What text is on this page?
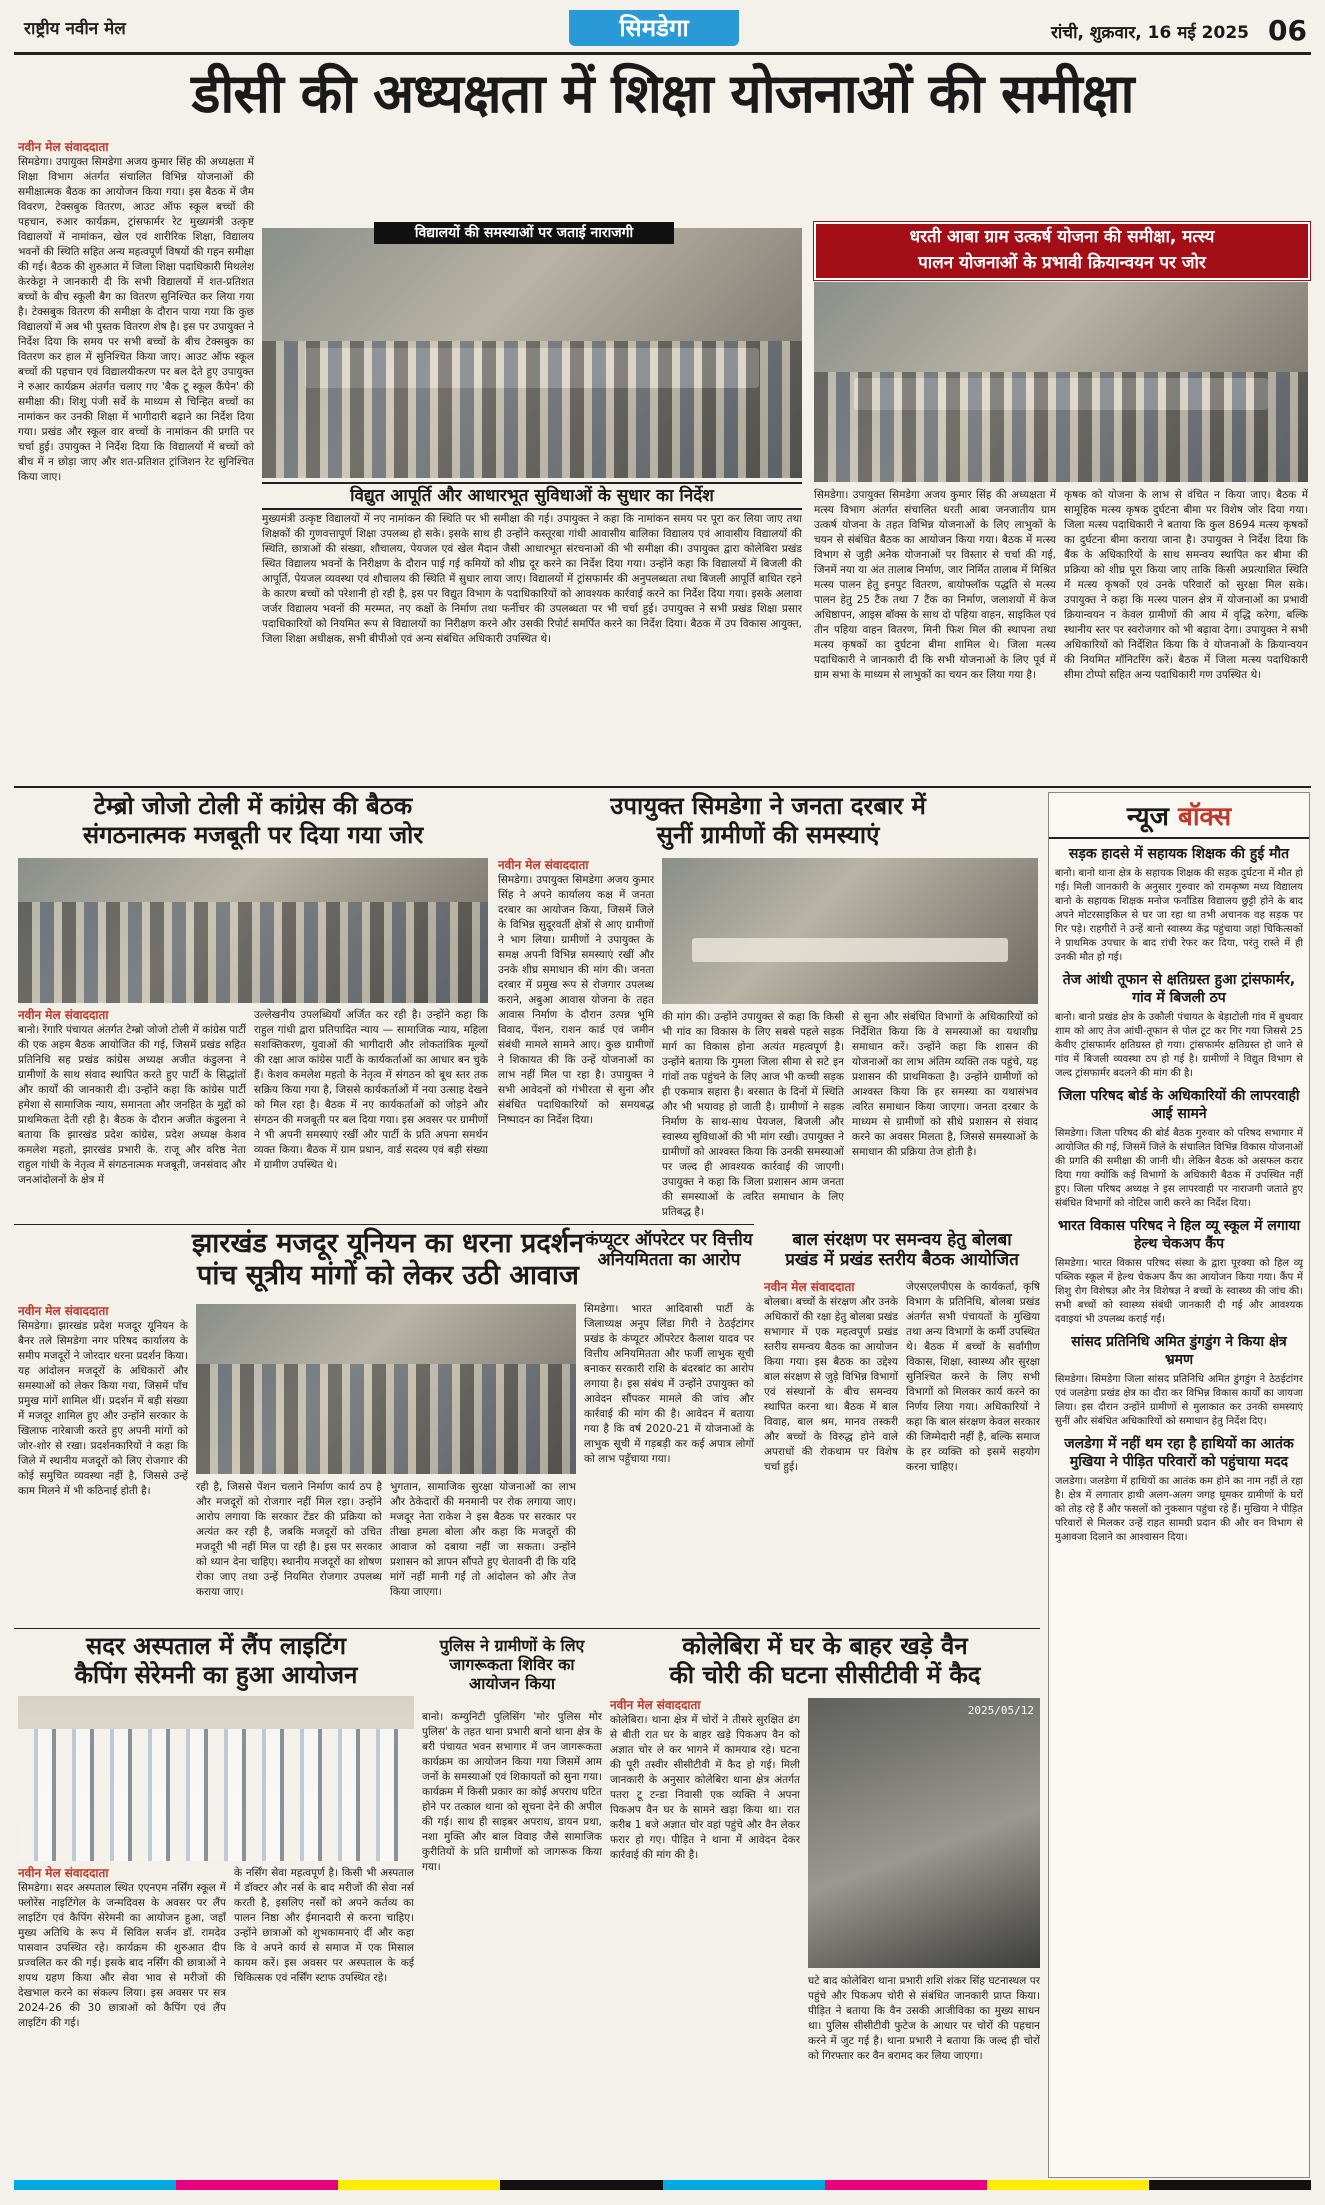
राष्ट्रीय नवीन मेल	सिमडेगा	रांची, शुक्रवार, 16 मई 2025 06
डीसी की अध्यक्षता में शिक्षा योजनाओं की समीक्षा
नवीन मेल संवाददाता
सिमडेगा। उपायुक्त सिमडेगा अजय कुमार सिंह की अध्यक्षता में शिक्षा विभाग अंतर्गत संचालित विभिन्न योजनाओं की समीक्षात्मक बैठक का आयोजन किया गया। इस बैठक में जैम विवरण, टेक्सबुक वितरण, आउट ऑफ स्कूल बच्चों की पहचान, रुआर कार्यक्रम, ट्रांसफार्मर रेट मुख्यमंत्री उत्कृष्ट विद्यालयों में नामांकन, खेल एवं शारीरिक शिक्षा, विद्यालय भवनों की स्थिति सहित अन्य महत्वपूर्ण विषयों की गहन समीक्षा की गई। बैठक की शुरुआत में जिला शिक्षा पदाधिकारी मिथलेश केरकेट्टा ने जानकारी दी कि सभी विद्यालयों में शत-प्रतिशत बच्चों के बीच स्कूली बैग का वितरण सुनिश्चित कर लिया गया है। टेक्सबुक वितरण की समीक्षा के दौरान पाया गया कि कुछ विद्यालयों में अब भी पुस्तक वितरण शेष है। इस पर उपायुक्त ने निर्देश दिया कि समय पर सभी बच्चों के बीच टेक्सबुक का वितरण कर हाल में सुनिश्चित किया जाए। आउट ऑफ स्कूल बच्चों की पहचान एवं विद्यालयीकरण पर बल देते हुए उपायुक्त ने रुआर कार्यक्रम अंतर्गत चलाए गए 'बैक टू स्कूल कैंपेन' की समीक्षा की। शिशु पंजी सर्वे के माध्यम से चिन्हित बच्चों का नामांकन कर उनकी शिक्षा में भागीदारी बढ़ाने का निर्देश दिया गया। प्रखंड और स्कूल वार बच्चों के नामांकन की प्रगति पर चर्चा हुई। उपायुक्त ने निर्देश दिया कि विद्यालयों में बच्चों को बीच में न छोड़ा जाए और शत-प्रतिशत ट्रांजिशन रेट सुनिश्चित किया जाए।
विद्यालयों की समस्याओं पर जताई नाराजगी
विद्युत आपूर्ति और आधारभूत सुविधाओं के सुधार का निर्देश
मुख्यमंत्री उत्कृष्ट विद्यालयों में नए नामांकन की स्थिति पर भी समीक्षा की गई। उपायुक्त ने कहा कि नामांकन समय पर पूरा कर लिया जाए तथा शिक्षकों की गुणवत्तापूर्ण शिक्षा उपलब्ध हो सके। इसके साथ ही उन्होंने कस्तूरबा गांधी आवासीय बालिका विद्यालय एवं आवासीय विद्यालयों की स्थिति, छात्राओं की संख्या, शौचालय, पेयजल एवं खेल मैदान जैसी आधारभूत संरचनाओं की भी समीक्षा की। उपायुक्त द्वारा कोलेबिरा प्रखंड स्थित विद्यालय भवनों के निरीक्षण के दौरान पाई गई कमियों को शीघ्र दूर करने का निर्देश दिया गया। उन्होंने कहा कि विद्यालयों में बिजली की आपूर्ति, पेयजल व्यवस्था एवं शौचालय की स्थिति में सुधार लाया जाए। विद्यालयों में ट्रांसफार्मर की अनुपलब्धता तथा बिजली आपूर्ति बाधित रहने के कारण बच्चों को परेशानी हो रही है, इस पर विद्युत विभाग के पदाधिकारियों को आवश्यक कार्रवाई करने का निर्देश दिया गया। इसके अलावा जर्जर विद्यालय भवनों की मरम्मत, नए कक्षों के निर्माण तथा फर्नीचर की उपलब्धता पर भी चर्चा हुई। उपायुक्त ने सभी प्रखंड शिक्षा प्रसार पदाधिकारियों को नियमित रूप से विद्यालयों का निरीक्षण करने और उसकी रिपोर्ट समर्पित करने का निर्देश दिया। बैठक में उप विकास आयुक्त, जिला शिक्षा अधीक्षक, सभी बीपीओ एवं अन्य संबंधित अधिकारी उपस्थित थे।
धरती आबा ग्राम उत्कर्ष योजना की समीक्षा, मत्स्य
पालन योजनाओं के प्रभावी क्रियान्वयन पर जोर
सिमडेगा। उपायुक्त सिमडेगा अजय कुमार सिंह की अध्यक्षता में मत्स्य विभाग अंतर्गत संचालित धरती आबा जनजातीय ग्राम उत्कर्ष योजना के तहत विभिन्न योजनाओं के लिए लाभुकों के चयन से संबंधित बैठक का आयोजन किया गया। बैठक में मत्स्य विभाग से जुड़ी अनेक योजनाओं पर विस्तार से चर्चा की गई, जिनमें नया या अंत तालाब निर्माण, जार निर्मित तालाब में मिश्रित मत्स्य पालन हेतु इनपुट वितरण, बायोफ्लॉक पद्धति से मत्स्य पालन हेतु 25 टैंक तथा 7 टैंक का निर्माण, जलाशयों में केज अधिष्ठापन, आइस बॉक्स के साथ दो पहिया वाहन, साइकिल एवं तीन पहिया वाहन वितरण, मिनी फिश मिल की स्थापना तथा मत्स्य कृषकों का दुर्घटना बीमा शामिल थे। जिला मत्स्य पदाधिकारी ने जानकारी दी कि सभी योजनाओं के लिए पूर्व में ग्राम सभा के माध्यम से लाभुकों का चयन कर लिया गया है।
कृषक को योजना के लाभ से वंचित न किया जाए। बैठक में सामूहिक मत्स्य कृषक दुर्घटना बीमा पर विशेष जोर दिया गया। जिला मत्स्य पदाधिकारी ने बताया कि कुल 8694 मत्स्य कृषकों का दुर्घटना बीमा कराया जाना है। उपायुक्त ने निर्देश दिया कि बैंक के अधिकारियों के साथ समन्वय स्थापित कर बीमा की प्रक्रिया को शीघ्र पूरा किया जाए ताकि किसी अप्रत्याशित स्थिति में मत्स्य कृषकों एवं उनके परिवारों को सुरक्षा मिल सके। उपायुक्त ने कहा कि मत्स्य पालन क्षेत्र में योजनाओं का प्रभावी क्रियान्वयन न केवल ग्रामीणों की आय में वृद्धि करेगा, बल्कि स्थानीय स्तर पर स्वरोजगार को भी बढ़ावा देगा। उपायुक्त ने सभी अधिकारियों को निर्देशित किया कि वे योजनाओं के क्रियान्वयन की नियमित मॉनिटरिंग करें। बैठक में जिला मत्स्य पदाधिकारी सीमा टोप्पो सहित अन्य पदाधिकारी गण उपस्थित थे।
टेम्ब्रो जोजो टोली में कांग्रेस की बैठक
संगठनात्मक मजबूती पर दिया गया जोर
नवीन मेल संवाददाता
बानो। रेंगारि पंचायत अंतर्गत टेम्ब्रो जोजो टोली में कांग्रेस पार्टी की एक अहम बैठक आयोजित की गई, जिसमें प्रखंड सहित प्रतिनिधि सह प्रखंड कांग्रेस अध्यक्ष अजीत कंडुलना ने ग्रामीणों के साथ संवाद स्थापित करते हुए पार्टी के सिद्धांतों और कार्यों की जानकारी दी। उन्होंने कहा कि कांग्रेस पार्टी हमेशा से सामाजिक न्याय, समानता और जनहित के मुद्दों को प्राथमिकता देती रही है। बैठक के दौरान अजीत कंडुलना ने बताया कि झारखंड प्रदेश कांग्रेस, प्रदेश अध्यक्ष केशव कमलेश महतो, झारखंड प्रभारी के. राजू और वरिष्ठ नेता राहुल गांधी के नेतृत्व में संगठनात्मक मजबूती, जनसंवाद और जनआंदोलनों के क्षेत्र में
उल्लेखनीय उपलब्धियाँ अर्जित कर रही है। उन्होंने कहा कि राहुल गांधी द्वारा प्रतिपादित न्याय — सामाजिक न्याय, महिला सशक्तिकरण, युवाओं की भागीदारी और लोकतांत्रिक मूल्यों की रक्षा आज कांग्रेस पार्टी के कार्यकर्ताओं का आधार बन चुके हैं। केशव कमलेश महतो के नेतृत्व में संगठन को बूथ स्तर तक सक्रिय किया गया है, जिससे कार्यकर्ताओं में नया उत्साह देखने को मिल रहा है। बैठक में नए कार्यकर्ताओं को जोड़ने और संगठन की मजबूती पर बल दिया गया। इस अवसर पर ग्रामीणों ने भी अपनी समस्याएं रखीं और पार्टी के प्रति अपना समर्थन व्यक्त किया। बैठक में ग्राम प्रधान, वार्ड सदस्य एवं बड़ी संख्या में ग्रामीण उपस्थित थे।
उपायुक्त सिमडेगा ने जनता दरबार में
सुनीं ग्रामीणों की समस्याएं
नवीन मेल संवाददाता
सिमडेगा। उपायुक्त सिमडेगा अजय कुमार सिंह ने अपने कार्यालय कक्ष में जनता दरबार का आयोजन किया, जिसमें जिले के विभिन्न सुदूरवर्ती क्षेत्रों से आए ग्रामीणों ने भाग लिया। ग्रामीणों ने उपायुक्त के समक्ष अपनी विभिन्न समस्याएं रखीं और उनके शीघ्र समाधान की मांग की। जनता दरबार में प्रमुख रूप से रोजगार उपलब्ध कराने, अबुआ आवास योजना के तहत आवास निर्माण के दौरान उत्पन्न भूमि विवाद, पेंशन, राशन कार्ड एवं जमीन संबंधी मामले सामने आए। कुछ ग्रामीणों ने शिकायत की कि उन्हें योजनाओं का लाभ नहीं मिल पा रहा है। उपायुक्त ने सभी आवेदनों को गंभीरता से सुना और संबंधित पदाधिकारियों को समयबद्ध निष्पादन का निर्देश दिया।
की मांग की। उन्होंने उपायुक्त से कहा कि किसी भी गांव का विकास के लिए सबसे पहले सड़क मार्ग का विकास होना अत्यंत महत्वपूर्ण है। उन्होंने बताया कि गुमला जिला सीमा से सटे इन गांवों तक पहुंचने के लिए आज भी कच्ची सड़क ही एकमात्र सहारा है। बरसात के दिनों में स्थिति और भी भयावह हो जाती है। ग्रामीणों ने सड़क निर्माण के साथ-साथ पेयजल, बिजली और स्वास्थ्य सुविधाओं की भी मांग रखी। उपायुक्त ने ग्रामीणों को आश्वस्त किया कि उनकी समस्याओं पर जल्द ही आवश्यक कार्रवाई की जाएगी। उपायुक्त ने कहा कि जिला प्रशासन आम जनता की समस्याओं के त्वरित समाधान के लिए प्रतिबद्ध है।
से सुना और संबंधित विभागों के अधिकारियों को निर्देशित किया कि वे समस्याओं का यथाशीघ्र समाधान करें। उन्होंने कहा कि शासन की योजनाओं का लाभ अंतिम व्यक्ति तक पहुंचे, यह प्रशासन की प्राथमिकता है। उन्होंने ग्रामीणों को आश्वस्त किया कि हर समस्या का यथासंभव त्वरित समाधान किया जाएगा। जनता दरबार के माध्यम से ग्रामीणों को सीधे प्रशासन से संवाद करने का अवसर मिलता है, जिससे समस्याओं के समाधान की प्रक्रिया तेज होती है।
झारखंड मजदूर यूनियन का धरना प्रदर्शन
पांच सूत्रीय मांगों को लेकर उठी आवाज
नवीन मेल संवाददाता
सिमडेगा। झारखंड प्रदेश मजदूर यूनियन के बैनर तले सिमडेगा नगर परिषद कार्यालय के समीप मजदूरों ने जोरदार धरना प्रदर्शन किया। यह आंदोलन मजदूरों के अधिकारों और समस्याओं को लेकर किया गया, जिसमें पाँच प्रमुख मांगें शामिल थीं। प्रदर्शन में बड़ी संख्या में मजदूर शामिल हुए और उन्होंने सरकार के खिलाफ नारेबाजी करते हुए अपनी मांगों को जोर-शोर से रखा। प्रदर्शनकारियों ने कहा कि जिले में स्थानीय मजदूरों को लिए रोजगार की कोई समुचित व्यवस्था नहीं है, जिससे उन्हें काम मिलने में भी कठिनाई होती है।	रही है, जिससे पेंशन चलाने निर्माण कार्य ठप है और मजदूरों को रोजगार नहीं मिल रहा। उन्होंने आरोप लगाया कि सरकार टेंडर की प्रक्रिया को अत्यंत कर रही है, जबकि मजदूरों को उचित मजदूरी भी नहीं मिल पा रही है। इस पर सरकार को ध्यान देना चाहिए। स्थानीय मजदूरों का शोषण रोका जाए तथा उन्हें नियमित रोजगार उपलब्ध कराया जाए।
भुगतान, सामाजिक सुरक्षा योजनाओं का लाभ और ठेकेदारों की मनमानी पर रोक लगाया जाए। मजदूर नेता राकेश ने इस बैठक पर सरकार पर तीखा हमला बोला और कहा कि मजदूरों की आवाज को दबाया नहीं जा सकता। उन्होंने प्रशासन को ज्ञापन सौंपते हुए चेतावनी दी कि यदि मांगें नहीं मानी गईं तो आंदोलन को और तेज किया जाएगा।
कंप्यूटर ऑपरेटर पर वित्तीय अनियमितता का आरोप
सिमडेगा। भारत आदिवासी पार्टी के जिलाध्यक्ष अनूप लिंडा गिरी ने ठेठईटांगर प्रखंड के कंप्यूटर ऑपरेटर कैलाश यादव पर वित्तीय अनियमितता और फर्जी लाभुक सूची बनाकर सरकारी राशि के बंदरबांट का आरोप लगाया है। इस संबंध में उन्होंने उपायुक्त को आवेदन सौंपकर मामले की जांच और कार्रवाई की मांग की है। आवेदन में बताया गया है कि वर्ष 2020-21 में योजनाओं के लाभुक सूची में गड़बड़ी कर कई अपात्र लोगों को लाभ पहुँचाया गया।
बाल संरक्षण पर समन्वय हेतु बोलबा
प्रखंड में प्रखंड स्तरीय बैठक आयोजित
नवीन मेल संवाददाता
बोलबा। बच्चों के संरक्षण और उनके अधिकारों की रक्षा हेतु बोलबा प्रखंड सभागार में एक महत्वपूर्ण प्रखंड स्तरीय समन्वय बैठक का आयोजन किया गया। इस बैठक का उद्देश्य बाल संरक्षण से जुड़े विभिन्न विभागों एवं संस्थानों के बीच समन्वय स्थापित करना था। बैठक में बाल विवाह, बाल श्रम, मानव तस्करी और बच्चों के विरुद्ध होने वाले अपराधों की रोकथाम पर विशेष चर्चा हुई।
जेएसएलपीएस के कार्यकर्ता, कृषि विभाग के प्रतिनिधि, बोलबा प्रखंड अंतर्गत सभी पंचायतों के मुखिया तथा अन्य विभागों के कर्मी उपस्थित थे। बैठक में बच्चों के सर्वांगीण विकास, शिक्षा, स्वास्थ्य और सुरक्षा सुनिश्चित करने के लिए सभी विभागों को मिलकर कार्य करने का निर्णय लिया गया। अधिकारियों ने कहा कि बाल संरक्षण केवल सरकार की जिम्मेदारी नहीं है, बल्कि समाज के हर व्यक्ति को इसमें सहयोग करना चाहिए।
सदर अस्पताल में लैंप लाइटिंग
कैपिंग सेरेमनी का हुआ आयोजन
नवीन मेल संवाददाता
सिमडेगा। सदर अस्पताल स्थित एएनएम नर्सिंग स्कूल में फ्लोरेंस नाइटिंगेल के जन्मदिवस के अवसर पर लैंप लाइटिंग एवं कैपिंग सेरेमनी का आयोजन हुआ, जहाँ मुख्य अतिथि के रूप में सिविल सर्जन डॉ. रामदेव पासवान उपस्थित रहे। कार्यक्रम की शुरुआत दीप प्रज्वलित कर की गई। इसके बाद नर्सिंग की छात्राओं ने शपथ ग्रहण किया और सेवा भाव से मरीजों की देखभाल करने का संकल्प लिया। इस अवसर पर सत्र 2024-26 की 30 छात्राओं को कैपिंग एवं लैंप लाइटिंग की गई।
के नर्सिंग सेवा महत्वपूर्ण है। किसी भी अस्पताल में डॉक्टर और नर्स के बाद मरीजों की सेवा नर्स करती है, इसलिए नर्सों को अपने कर्तव्य का पालन निष्ठा और ईमानदारी से करना चाहिए। उन्होंने छात्राओं को शुभकामनाएं दीं और कहा कि वे अपने कार्य से समाज में एक मिसाल कायम करें। इस अवसर पर अस्पताल के कई चिकित्सक एवं नर्सिंग स्टाफ उपस्थित रहे।
पुलिस ने ग्रामीणों के लिए जागरूकता शिविर का आयोजन किया
बानो। कम्युनिटी पुलिसिंग 'मोर पुलिस मोर पुलिस' के तहत थाना प्रभारी बानो थाना क्षेत्र के बरी पंचायत भवन सभागार में जन जागरूकता कार्यक्रम का आयोजन किया गया जिसमें आम जनों के समस्याओं एवं शिकायतों को सुना गया। कार्यक्रम में किसी प्रकार का कोई अपराध घटित होने पर तत्काल थाना को सूचना देने की अपील की गई। साथ ही साइबर अपराध, डायन प्रथा, नशा मुक्ति और बाल विवाह जैसे सामाजिक कुरीतियों के प्रति ग्रामीणों को जागरूक किया गया।
कोलेबिरा में घर के बाहर खड़े वैन
की चोरी की घटना सीसीटीवी में कैद
नवीन मेल संवाददाता
कोलेबिरा। थाना क्षेत्र में चोरों ने तीसरे सुरक्षित ढंग से बीती रात घर के बाहर खड़े पिकअप वैन को अज्ञात चोर ले कर भागने में कामयाब रहे। घटना की पूरी तस्वीर सीसीटीवी में कैद हो गई। मिली जानकारी के अनुसार कोलेबिरा थाना क्षेत्र अंतर्गत पतरा टू टन्डा निवासी एक व्यक्ति ने अपना पिकअप वैन घर के सामने खड़ा किया था। रात करीब 1 बजे अज्ञात चोर वहां पहुंचे और वैन लेकर फरार हो गए। पीड़ित ने थाना में आवेदन देकर कार्रवाई की मांग की है।
2025/05/12
घटे बाद कोलेबिरा थाना प्रभारी शशि शंकर सिंह घटनास्थल पर पहुंचे और पिकअप चोरी से संबंधित जानकारी प्राप्त किया। पीड़ित ने बताया कि वैन उसकी आजीविका का मुख्य साधन था। पुलिस सीसीटीवी फुटेज के आधार पर चोरों की पहचान करने में जुट गई है। थाना प्रभारी ने बताया कि जल्द ही चोरों को गिरफ्तार कर वैन बरामद कर लिया जाएगा।
न्यूज बॉक्स
सड़क हादसे में सहायक शिक्षक की हुई मौत
बानो। बानो थाना क्षेत्र के सहायक शिक्षक की सड़क दुर्घटना में मौत हो गई। मिली जानकारी के अनुसार गुरुवार को रामकृष्ण मध्य विद्यालय बानो के सहायक शिक्षक मनोज फर्नांडिस विद्यालय छुट्टी होने के बाद अपने मोटरसाइकिल से घर जा रहा था तभी अचानक वह सड़क पर गिर पड़े। राहगीरों ने उन्हें बानो स्वास्थ्य केंद्र पहुंचाया जहां चिकित्सकों ने प्राथमिक उपचार के बाद रांची रेफर कर दिया, परंतु रास्ते में ही उनकी मौत हो गई।
तेज आंधी तूफान से क्षतिग्रस्त हुआ ट्रांसफार्मर, गांव में बिजली ठप
बानो। बानो प्रखंड क्षेत्र के उकौली पंचायत के बेड़ाटोली गांव में बुधवार शाम को आए तेज आंधी-तूफान से पोल टूट कर गिर गया जिससे 25 केवीए ट्रांसफार्मर क्षतिग्रस्त हो गया। ट्रांसफार्मर क्षतिग्रस्त हो जाने से गांव में बिजली व्यवस्था ठप हो गई है। ग्रामीणों ने विद्युत विभाग से जल्द ट्रांसफार्मर बदलने की मांग की है।
जिला परिषद बोर्ड के अधिकारियों की लापरवाही आई सामने
सिमडेगा। जिला परिषद की बोर्ड बैठक गुरुवार को परिषद सभागार में आयोजित की गई, जिसमें जिले के संचालित विभिन्न विकास योजनाओं की प्रगति की समीक्षा की जानी थी। लेकिन बैठक को असफल करार दिया गया क्योंकि कई विभागों के अधिकारी बैठक में उपस्थित नहीं हुए। जिला परिषद अध्यक्ष ने इस लापरवाही पर नाराजगी जताते हुए संबंधित विभागों को नोटिस जारी करने का निर्देश दिया।
भारत विकास परिषद ने हिल व्यू स्कूल में लगाया हेल्थ चेकअप कैंप
सिमडेगा। भारत विकास परिषद संस्था के द्वारा पूरक्या को हिल व्यू पब्लिक स्कूल में हेल्थ चेकअप कैंप का आयोजन किया गया। कैंप में शिशु रोग विशेषज्ञ और नेत्र विशेषज्ञ ने बच्चों के स्वास्थ्य की जांच की। सभी बच्चों को स्वास्थ्य संबंधी जानकारी दी गई और आवश्यक दवाइयां भी उपलब्ध कराई गईं।
सांसद प्रतिनिधि अमित डुंगडुंग ने किया क्षेत्र भ्रमण
सिमडेगा। सिमडेगा जिला सांसद प्रतिनिधि अमित डुंगडुंग ने ठेठईटांगर एवं जलडेगा प्रखंड क्षेत्र का दौरा कर विभिन्न विकास कार्यों का जायजा लिया। इस दौरान उन्होंने ग्रामीणों से मुलाकात कर उनकी समस्याएं सुनीं और संबंधित अधिकारियों को समाधान हेतु निर्देश दिए।
जलडेगा में नहीं थम रहा है हाथियों का आतंक मुखिया ने पीड़ित परिवारों को पहुंचाया मदद
जलडेगा। जलडेगा में हाथियों का आतंक कम होने का नाम नहीं ले रहा है। क्षेत्र में लगातार हाथी अलग-अलग जगह घूमकर ग्रामीणों के घरों को तोड़ रहे हैं और फसलों को नुकसान पहुंचा रहे हैं। मुखिया ने पीड़ित परिवारों से मिलकर उन्हें राहत सामग्री प्रदान की और वन विभाग से मुआवजा दिलाने का आश्वासन दिया।
